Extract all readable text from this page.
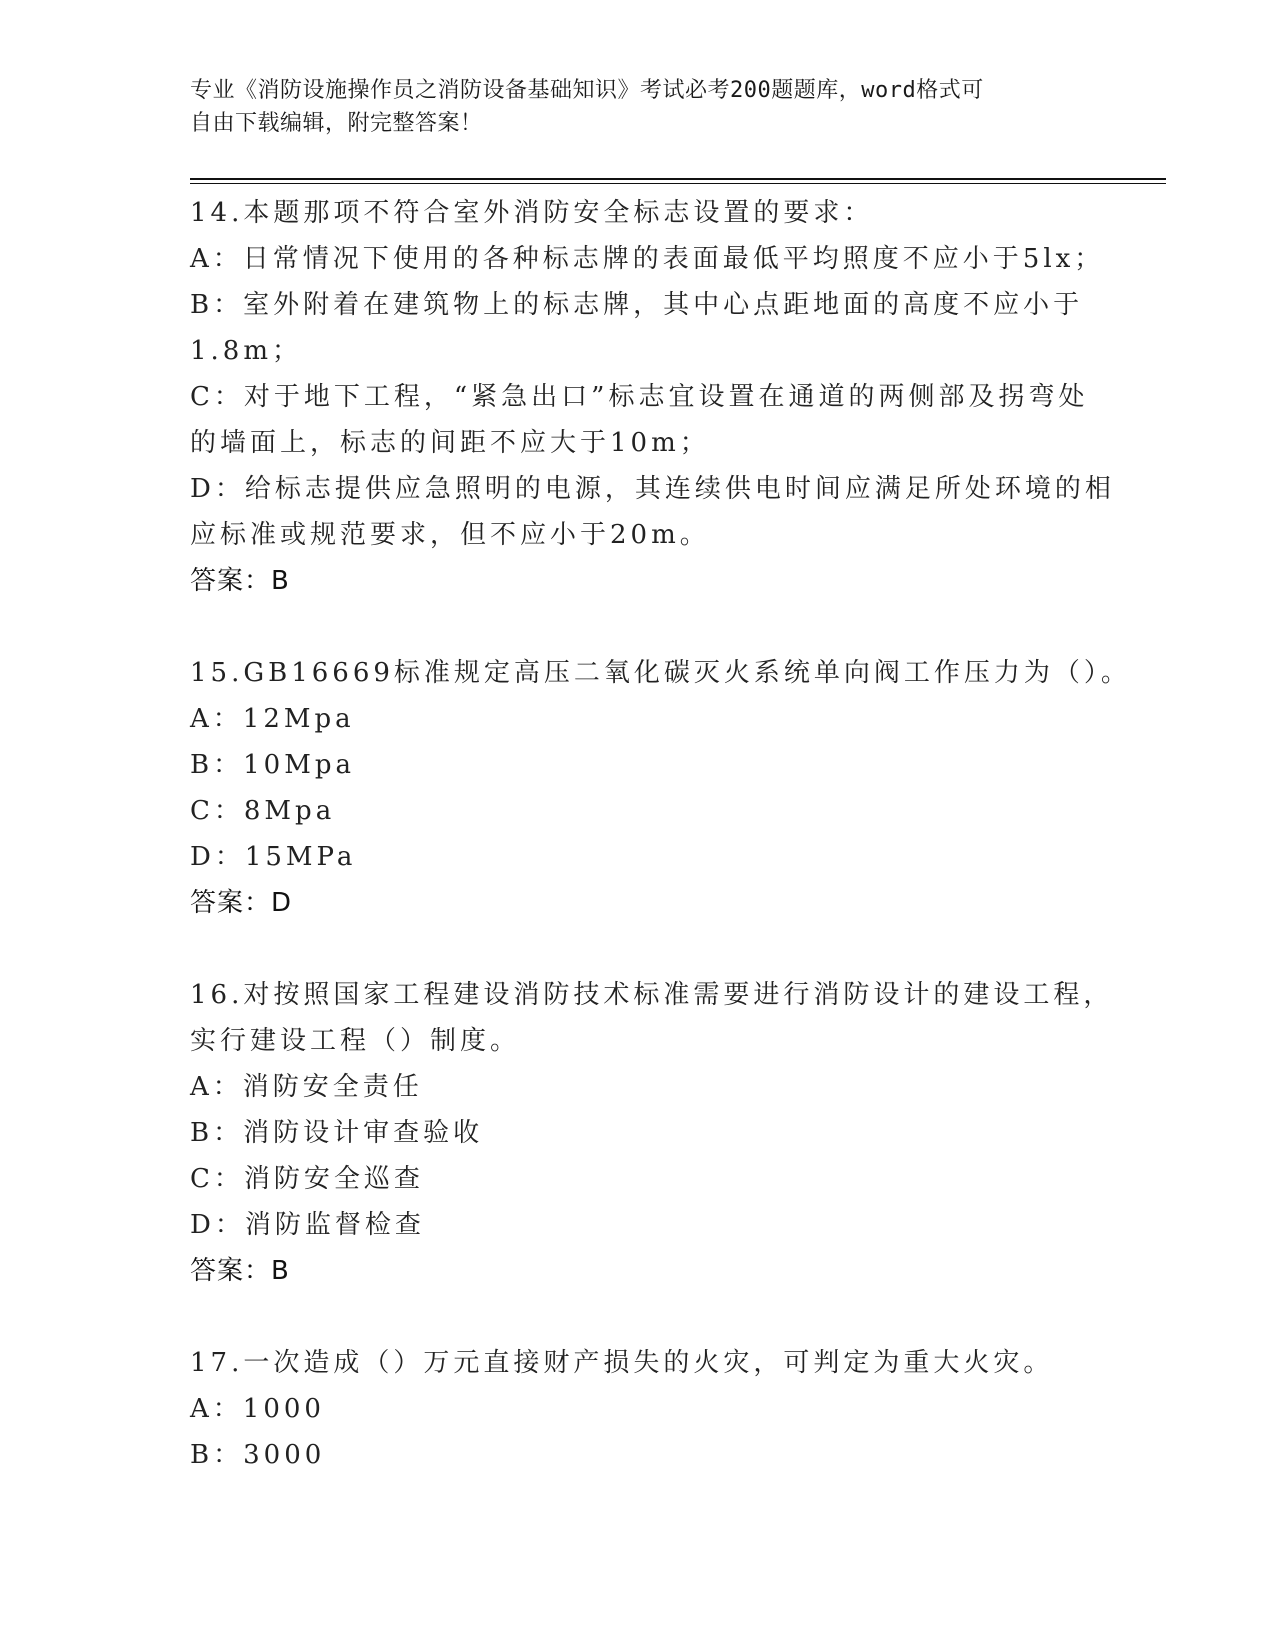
专业《消防设施操作员之消防设备基础知识》考试必考200题题库，word格式可
自由下载编辑，附完整答案！
14.本题那项不符合室外消防安全标志设置的要求：
A：日常情况下使用的各种标志牌的表面最低平均照度不应小于5lx；
B：室外附着在建筑物上的标志牌，其中心点距地面的高度不应小于
1.8m；
C：对于地下工程，“紧急出口”标志宜设置在通道的两侧部及拐弯处
的墙面上，标志的间距不应大于10m；
D：给标志提供应急照明的电源，其连续供电时间应满足所处环境的相
应标准或规范要求，但不应小于20m。
答案：B
15.GB16669标准规定高压二氧化碳灭火系统单向阀工作压力为（）。
A：12Mpa
B：10Mpa
C：8Mpa
D：15MPa
答案：D
16.对按照国家工程建设消防技术标准需要进行消防设计的建设工程，
实行建设工程（）制度。
A：消防安全责任
B：消防设计审查验收
C：消防安全巡查
D：消防监督检查
答案：B
17.一次造成（）万元直接财产损失的火灾，可判定为重大火灾。
A：1000
B：3000
